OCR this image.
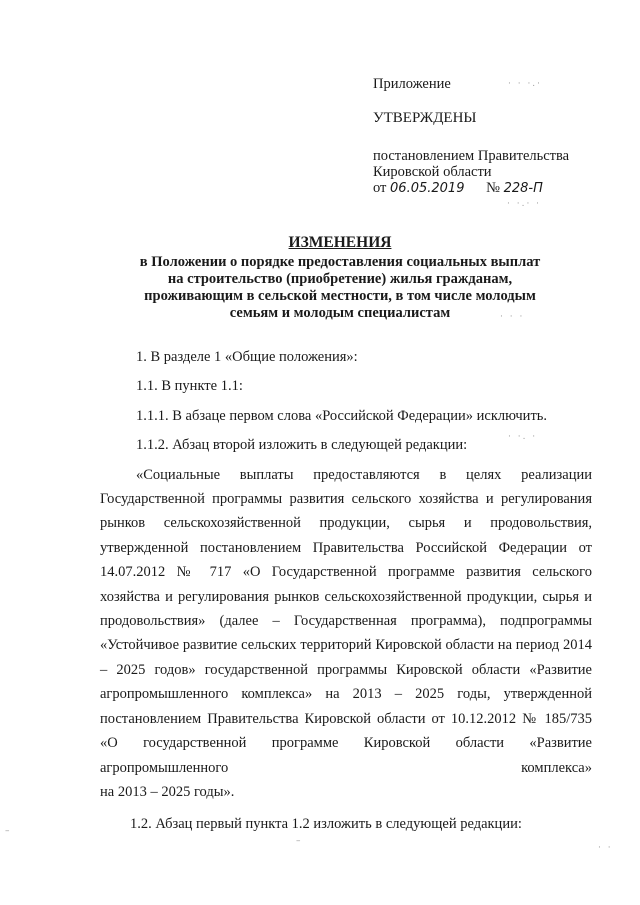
Приложение
УТВЕРЖДЕНЫ
постановлением Правительства
Кировской области
от 06.05.2019 № 228-П
ИЗМЕНЕНИЯ
в Положении о порядке предоставления социальных выплат
на строительство (приобретение) жилья гражданам,
проживающим в сельской местности, в том числе молодым
семьям и молодым специалистам

1. В разделе 1 «Общие положения»:

1.1. В пункте 1.1:

1.1.1. В абзаце первом слова «Российской Федерации» исключить.

1.1.2. Абзац второй изложить в следующей редакции:

«Социальные выплаты предоставляются в целях реализации Государственной программы развития сельского хозяйства и регулирования рынков сельскохозяйственной продукции, сырья и продовольствия, утвержденной постановлением Правительства Российской Федерации от 14.07.2012 № 717 «О Государственной программе развития сельского хозяйства и регулирования рынков сельскохозяйственной продукции, сырья и продовольствия» (далее – Государственная программа), подпрограммы «Устойчивое развитие сельских территорий Кировской области на период 2014 – 2025 годов» государственной программы Кировской области «Развитие агропромышленного комплекса» на 2013 – 2025 годы, утвержденной постановлением Правительства Кировской области от 10.12.2012 № 185/735 «О государственной программе Кировской области «Развитие агропромышленного комплекса»

на 2013 – 2025 годы».

1.2. Абзац первый пункта 1.2 изложить в следующей редакции:

· · ·.·
· ·.· ·
· · ·
· ·. ·
· ·
–
–
